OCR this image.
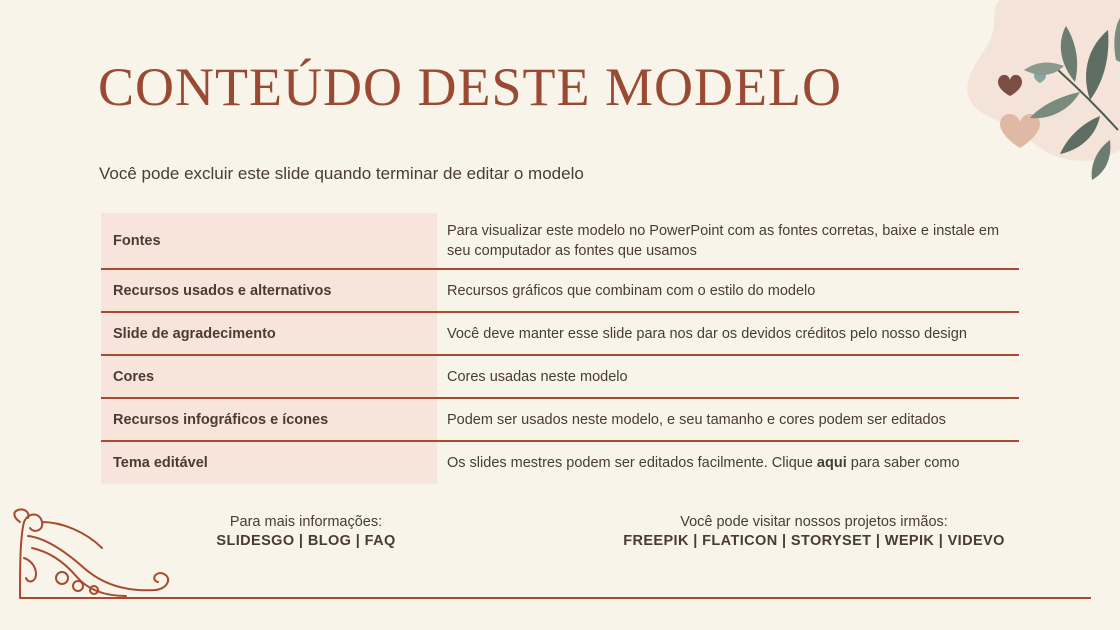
CONTEÚDO DESTE MODELO

Você pode excluir este slide quando terminar de editar o modelo

Fontes	Para visualizar este modelo no PowerPoint com as fontes corretas, baixe e instale em seu computador as fontes que usamos
Recursos usados e alternativos	Recursos gráficos que combinam com o estilo do modelo
Slide de agradecimento	Você deve manter esse slide para nos dar os devidos créditos pelo nosso design
Cores	Cores usadas neste modelo
Recursos infográficos e ícones	Podem ser usados neste modelo, e seu tamanho e cores podem ser editados
Tema editável	Os slides mestres podem ser editados facilmente. Clique aqui para saber como
Para mais informações:
SLIDESGO | BLOG | FAQ
Você pode visitar nossos projetos irmãos:
FREEPIK | FLATICON | STORYSET | WEPIK | VIDEVO
